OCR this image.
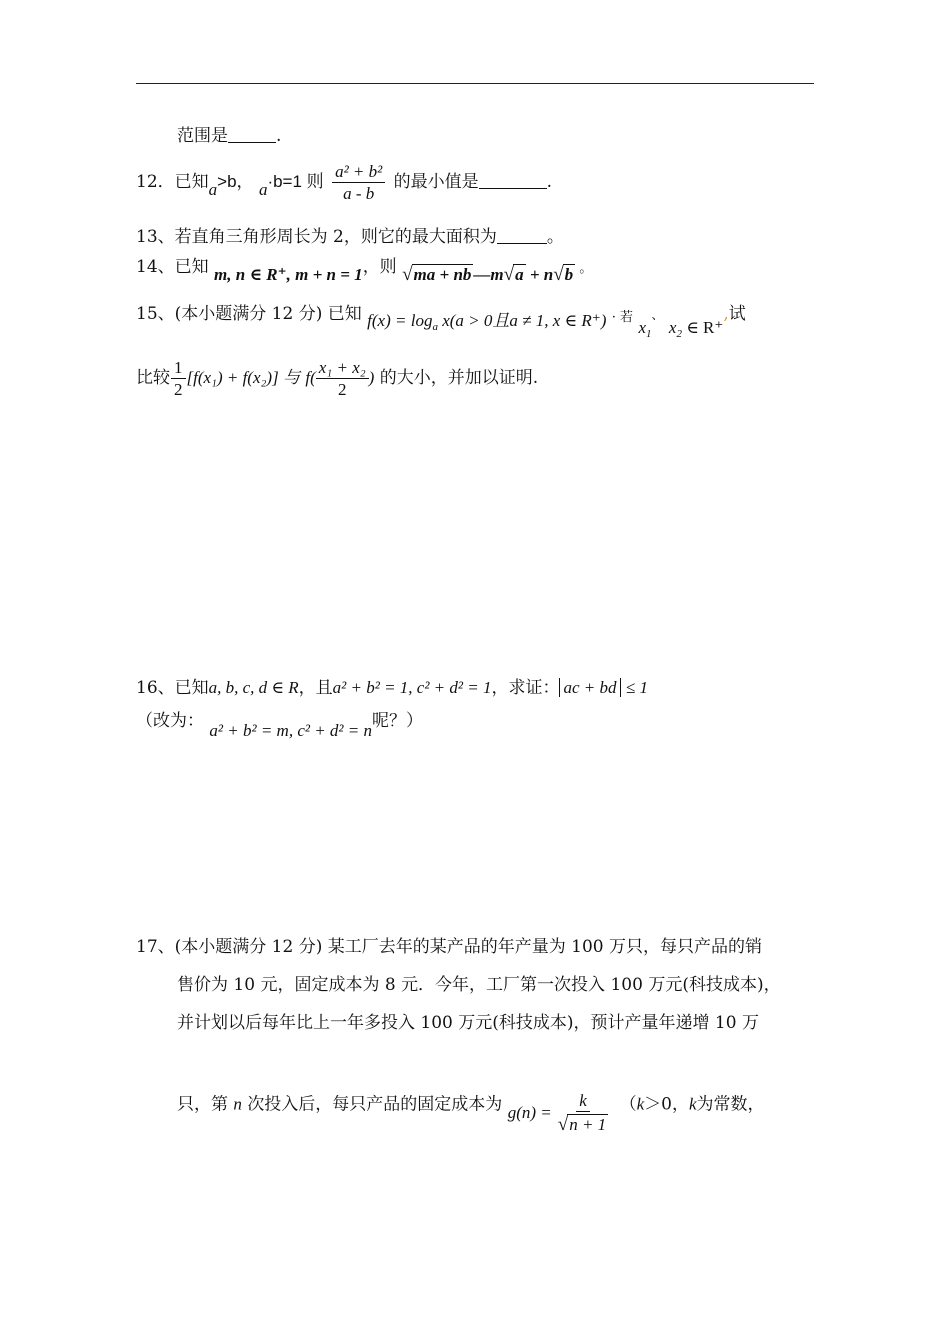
范围是	.
12．已知a>b， a·b=1 则 $\frac{\text{a² + b²}}{a - b}$ 的最小值是	.
13、若直角三角形周长为 2，则它的最大面积为	。
14、已知 m, n ∈ R⁺, m + n = 1，则 √ma + nb —m√a + n√b 。
15、(本小题满分 12 分) 已知 $f(x) = \log_a x(a > 0$且a ≠ 1, x ∈ R⁺) · 若 $x_1$、 $x_2$ ∈ R⁺,试
比较 $\frac{1}{2} [f(x_1) + f(x_2)]$ 与 $f( \frac{\text{x₁ + x₂}}{2}$ ) 的大小，并加以证明.
16、已知a, b, c, d ∈ R，且a² + b² = 1, c² + d² = 1，求证： ac + bd ≤ 1
（改为： a² + b² = m, c² + d² = n呢？）
17、(本小题满分 12 分) 某工厂去年的某产品的年产量为 100 万只，每只产品的销
售价为 10 元，固定成本为 8 元．今年，工厂第一次投入 100 万元(科技成本)，
并计划以后每年比上一年多投入 100 万元(科技成本)，预计产量年递增 10 万
只，第 n 次投入后，每只产品的固定成本为 $g(n) = \frac{k}{√n + 1} (k>0$，k为常数，
